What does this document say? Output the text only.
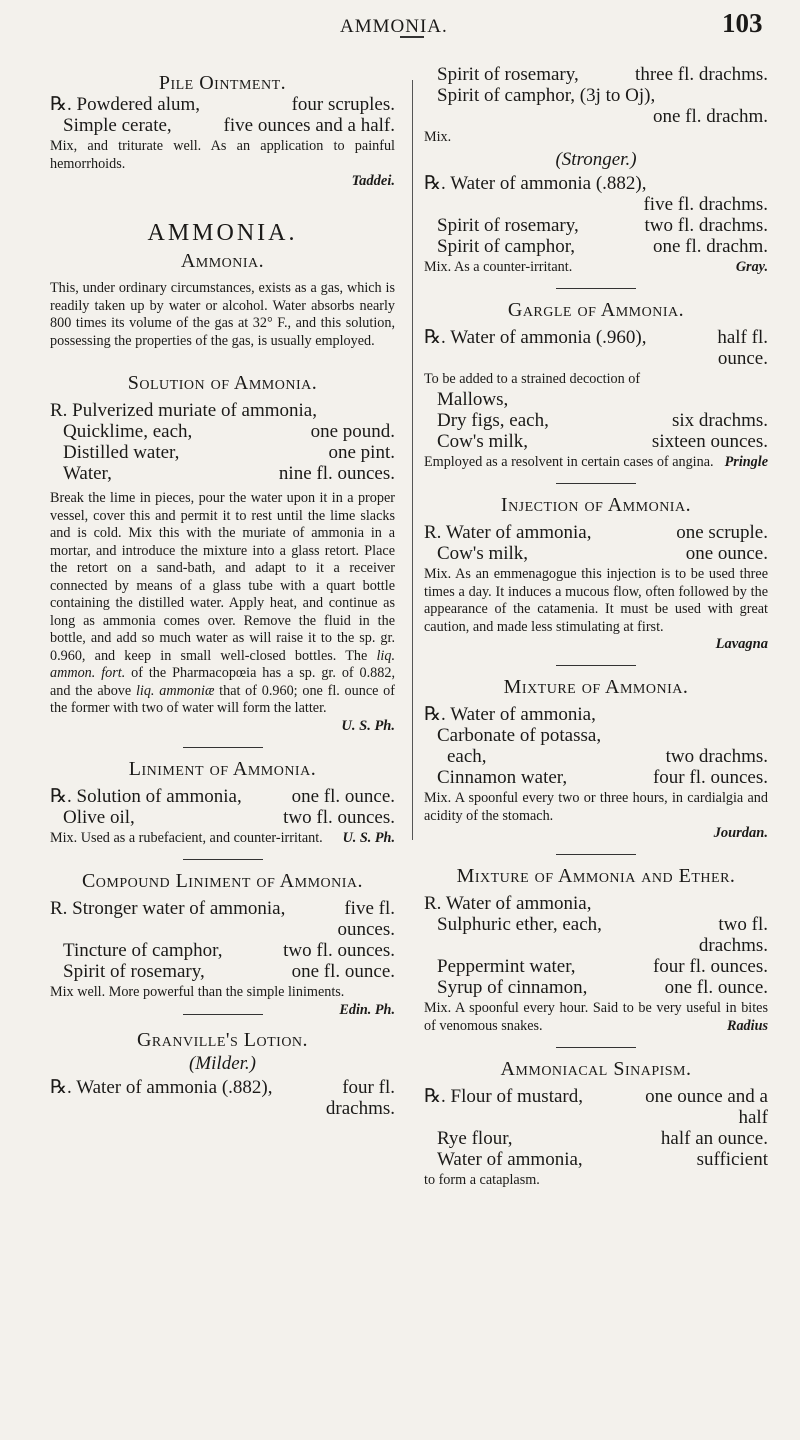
AMMONIA.	103

Pile Ointment.

℞. Powdered alum,	four scruples.
Simple cerate,	five ounces and a half.

Mix, and triturate well. As an application to painful hemorrhoids.

Taddei.

AMMONIA.

Ammonia.

This, under ordinary circumstances, exists as a gas, which is readily taken up by water or alcohol. Water absorbs nearly 800 times its volume of the gas at 32° F., and this solution, possessing the properties of the gas, is usually employed.

Solution of Ammonia.

R. Pulverized muriate of ammonia,
Quicklime, each,	one pound.
Distilled water,	one pint.
Water,	nine fl. ounces.

Break the lime in pieces, pour the water upon it in a proper vessel, cover this and permit it to rest until the lime slacks and is cold. Mix this with the muriate of ammonia in a mortar, and introduce the mixture into a glass retort. Place the retort on a sand-bath, and adapt to it a receiver connected by means of a glass tube with a quart bottle containing the distilled water. Apply heat, and continue as long as ammonia comes over. Remove the fluid in the bottle, and add so much water as will raise it to the sp. gr. 0.960, and keep in small well-closed bottles. The liq. ammon. fort. of the Pharmacopœia has a sp. gr. of 0.882, and the above liq. ammoniæ that of 0.960; one fl. ounce of the former with two of water will form the latter.

U. S. Ph.

Liniment of Ammonia.

℞. Solution of ammonia,	one fl. ounce.
Olive oil,	two fl. ounces.

Mix. Used as a rubefacient, and counter-irritant. U. S. Ph.

Compound Liniment of Ammonia.

R. Stronger water of ammonia,	five fl. ounces.
Tincture of camphor,	two fl. ounces.
Spirit of rosemary,	one fl. ounce.

Mix well. More powerful than the simple liniments.
Edin. Ph.

Granville's Lotion.

(Milder.)

℞. Water of ammonia (.882),	four fl. drachms.
Spirit of rosemary,	three fl. drachms.
Spirit of camphor, (3j to Oj),
one fl. drachm.

Mix.

(Stronger.)

℞. Water of ammonia (.882),
five fl. drachms.
Spirit of rosemary,	two fl. drachms.
Spirit of camphor,	one fl. drachm.

Mix. As a counter-irritant.	Gray.

Gargle of Ammonia.

℞. Water of ammonia (.960),	half fl. ounce.

To be added to a strained decoction of

Mallows,
Dry figs, each,	six drachms.
Cow's milk,	sixteen ounces.

Employed as a resolvent in certain cases of angina. Pringle

Injection of Ammonia.

R. Water of ammonia,	one scruple.
Cow's milk,	one ounce.

Mix. As an emmenagogue this injection is to be used three times a day. It induces a mucous flow, often followed by the appearance of the catamenia. It must be used with great caution, and made less stimulating at first.

Lavagna

Mixture of Ammonia.

℞. Water of ammonia,
Carbonate of potassa,
each,	two drachms.
Cinnamon water,	four fl. ounces.

Mix. A spoonful every two or three hours, in cardialgia and acidity of the stomach.

Jourdan.

Mixture of Ammonia and Ether.

R. Water of ammonia,
Sulphuric ether, each,	two fl. drachms.
Peppermint water,	four fl. ounces.
Syrup of cinnamon,	one fl. ounce.

Mix. A spoonful every hour. Said to be very useful in bites of venomous snakes.	Radius

Ammoniacal Sinapism.

℞. Flour of mustard,	one ounce and a half
Rye flour,	half an ounce.
Water of ammonia,	sufficient

to form a cataplasm.
